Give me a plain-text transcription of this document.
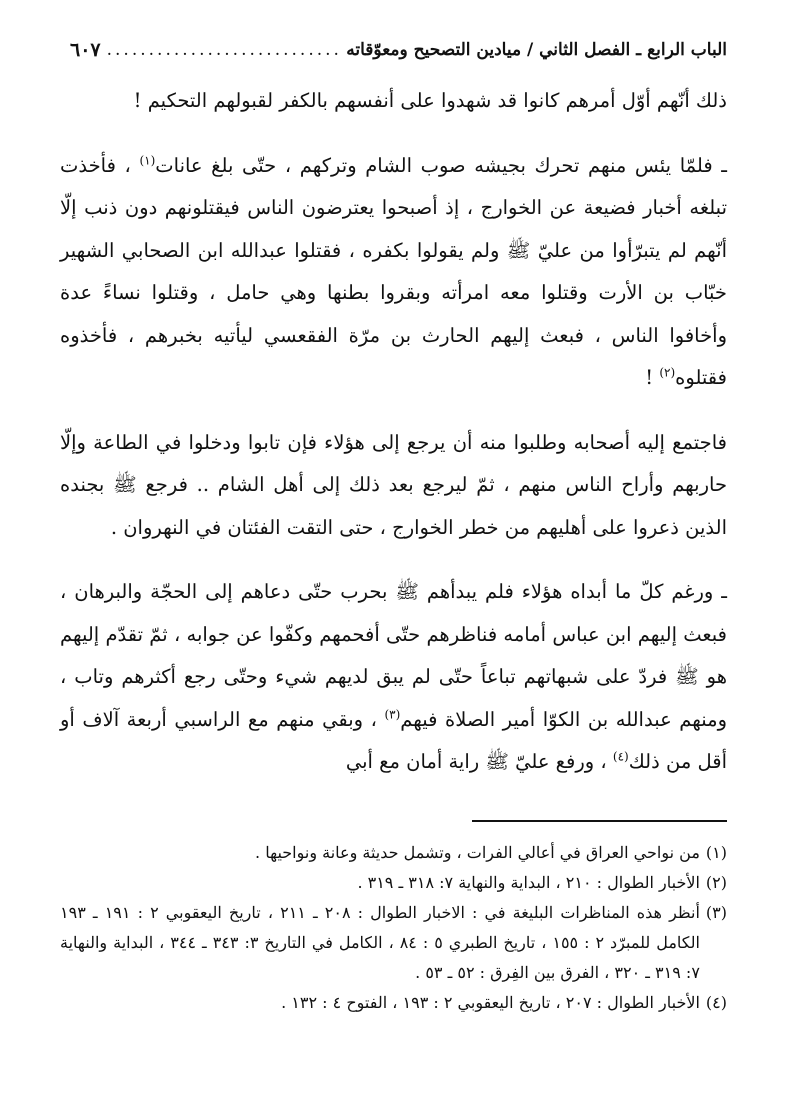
الباب الرابع ـ الفصل الثاني / ميادين التصحيح ومعوّقاته
.....
٦٠٧

ذلك أنّهم أوّل أمرهم كانوا قد شهدوا على أنفسهم بالكفر لقبولهم التحكيم !

ـ فلمّا يئس منهم تحرك بجيشه صوب الشام وتركهم ، حتّى بلغ عانات$^{(١)}$ ، فأخذت تبلغه أخبار فضيعة عن الخوارج ، إذ أصبحوا يعترضون الناس فيقتلونهم دون ذنب إلّا أنّهم لم يتبرّأوا من عليّ ﷺ ولم يقولوا بكفره ، فقتلوا عبدالله ابن الصحابي الشهير خبّاب بن الأرت وقتلوا معه امرأته وبقروا بطنها وهي حامل ، وقتلوا نساءً عدة وأخافوا الناس ، فبعث إليهم الحارث بن مرّة الفقعسي ليأتيه بخبرهم ، فأخذوه فقتلوه$^{(٢)}$ !

فاجتمع إليه أصحابه وطلبوا منه أن يرجع إلى هؤلاء فإن تابوا ودخلوا في الطاعة وإلّا حاربهم وأراح الناس منهم ، ثمّ ليرجع بعد ذلك إلى أهل الشام .. فرجع ﷺ بجنده الذين ذعروا على أهليهم من خطر الخوارج ، حتى التقت الفئتان في النهروان .

ـ ورغم كلّ ما أبداه هؤلاء فلم يبدأهم ﷺ بحرب حتّى دعاهم إلى الحجّة والبرهان ، فبعث إليهم ابن عباس أمامه فناظرهم حتّى أفحمهم وكفّوا عن جوابه ، ثمّ تقدّم إليهم هو ﷺ فردّ على شبهاتهم تباعاً حتّى لم يبق لديهم شيء وحتّى رجع أكثرهم وتاب ، ومنهم عبدالله بن الكوّا أمير الصلاة فيهم$^{(٣)}$ ، وبقي منهم مع الراسبي أربعة آلاف أو أقل من ذلك$^{(٤)}$ ، ورفع عليّ ﷺ راية أمان مع أبي

(١)
من نواحي العراق في أعالي الفرات ، وتشمل حديثة وعانة ونواحيها .
(٢)
الأخبار الطوال : ٢١٠ ، البداية والنهاية ٧: ٣١٨ ـ ٣١٩ .
(٣)
أنظر هذه المناظرات البليغة في : الاخبار الطوال : ٢٠٨ ـ ٢١١ ، تاريخ اليعقوبي ٢ : ١٩١ ـ ١٩٣ الكامل للمبرّد ٢ : ١٥٥ ، تاريخ الطبري ٥ : ٨٤ ، الكامل في التاريخ ٣: ٣٤٣ ـ ٣٤٤ ، البداية والنهاية ٧: ٣١٩ ـ ٣٢٠ ، الفرق بين الفِرق : ٥٢ ـ ٥٣ .
(٤)
الأخبار الطوال : ٢٠٧ ، تاريخ اليعقوبي ٢ : ١٩٣ ، الفتوح ٤ : ١٣٢ .
